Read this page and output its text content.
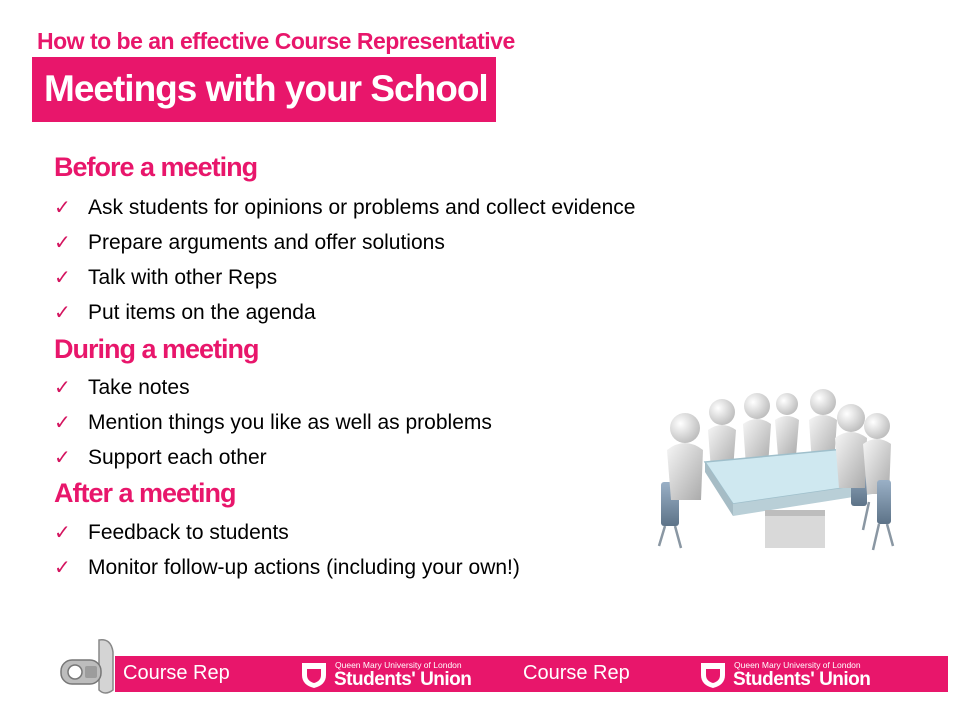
How to be an effective Course Representative
Meetings with your School
Before a meeting
✓ Ask students for opinions or problems and collect evidence
✓ Prepare arguments and offer solutions
✓ Talk with other Reps
✓ Put items on the agenda
During a meeting
✓ Take notes
✓ Mention things you like as well as problems
✓ Support each other
After a meeting
✓ Feedback to students
✓ Monitor follow-up actions (including your own!)
Course Rep	Queen Mary University of London
Students' Union	Course Rep	Queen Mary University of London
Students' Union
